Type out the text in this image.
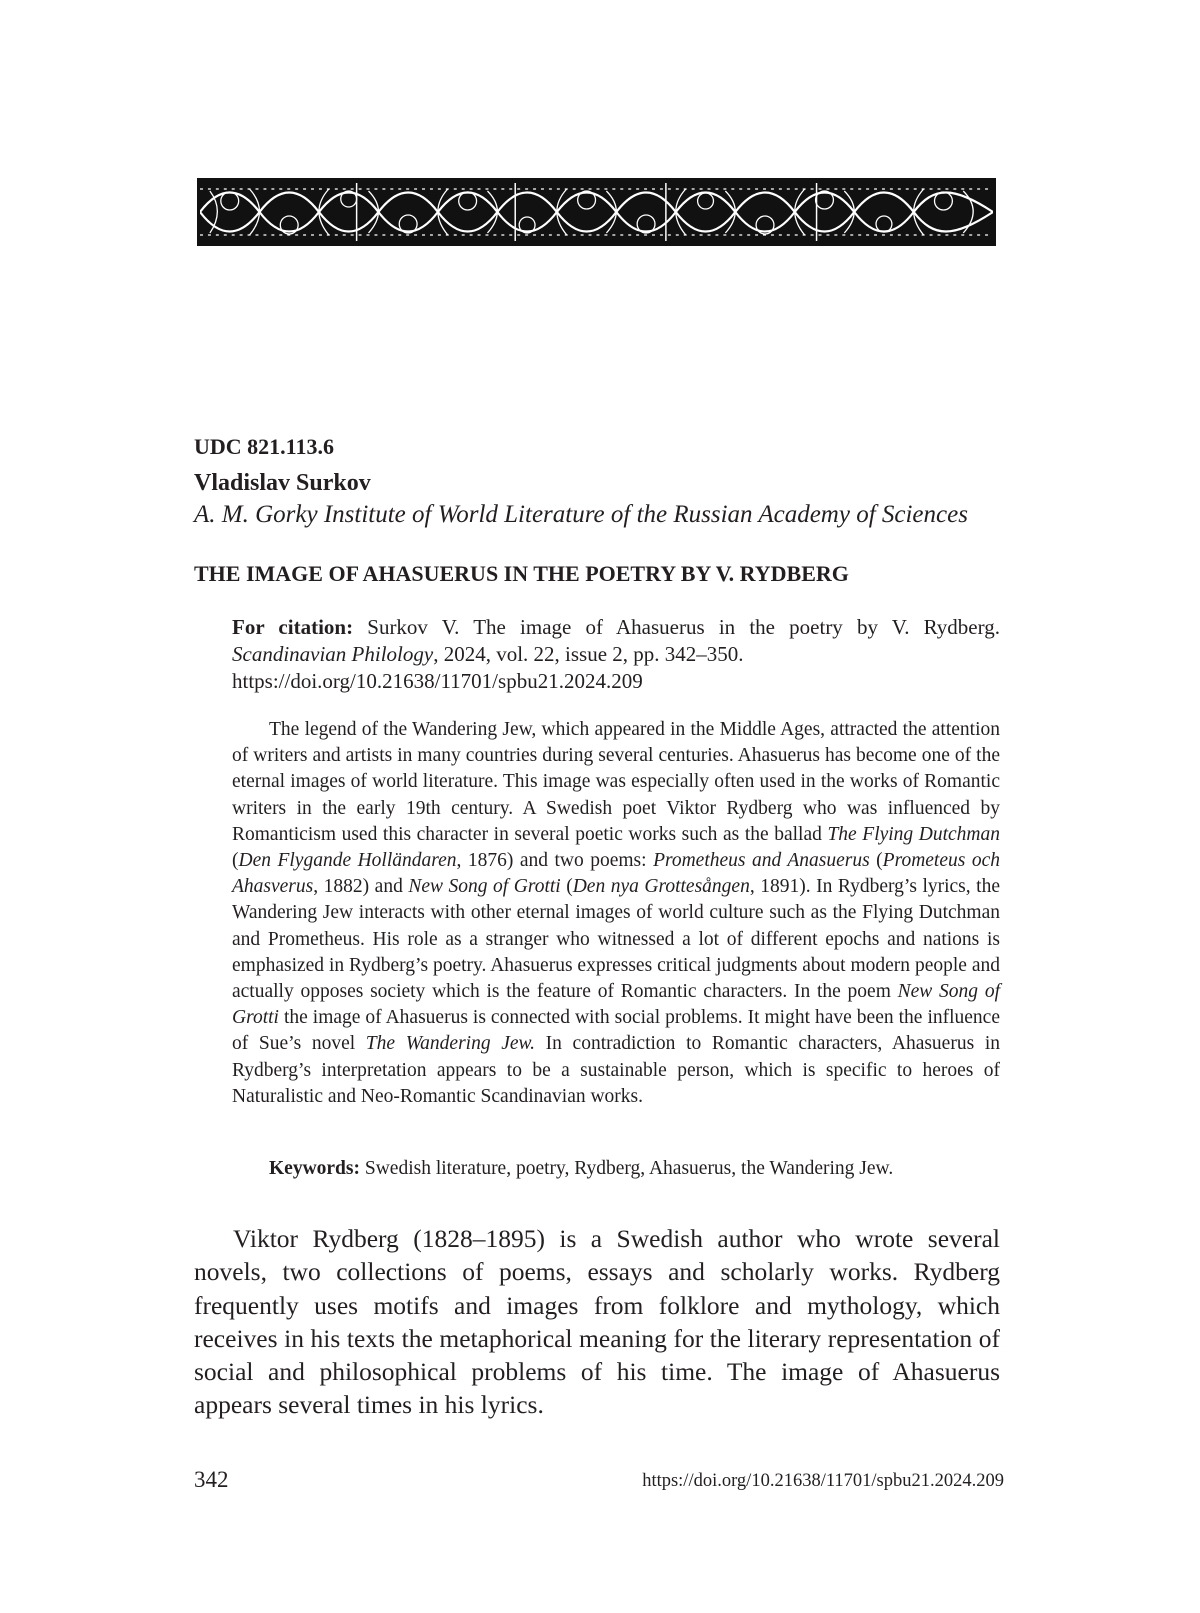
UDC 821.113.6
Vladislav Surkov
A. M. Gorky Institute of World Literature of the Russian Academy of Sciences
THE IMAGE OF AHASUERUS IN THE POETRY BY V. RYDBERG
For citation: Surkov V. The image of Ahasuerus in the poetry by V. Rydberg. Scandinavian Philology, 2024, vol. 22, issue 2, pp. 342–350.
https://doi.org/10.21638/11701/spbu21.2024.209

The legend of the Wandering Jew, which appeared in the Middle Ages, attracted the attention of writers and artists in many countries during several centuries. Ahasuerus has become one of the eternal images of world literature. This image was especially often used in the works of Romantic writers in the early 19th century. A Swedish poet Viktor Rydberg who was influenced by Romanticism used this character in several poetic works such as the ballad The Flying Dutchman (Den Flygande Holländaren, 1876) and two poems: Prometheus and Anasuerus (Prometeus och Ahasverus, 1882) and New Song of Grotti (Den nya Grottesången, 1891). In Rydberg’s lyrics, the Wandering Jew interacts with other eternal images of world culture such as the Flying Dutchman and Prometheus. His role as a stranger who witnessed a lot of different epochs and nations is emphasized in Rydberg’s poetry. Ahasuerus expresses critical judgments about modern people and actually opposes society which is the feature of Romantic characters. In the poem New Song of Grotti the image of Ahasuerus is connected with social problems. It might have been the influence of Sue’s novel The Wandering Jew. In contradiction to Romantic characters, Ahasuerus in Rydberg’s interpretation appears to be a sustainable person, which is specific to heroes of Naturalistic and Neo-Romantic Scandinavian works.

Keywords: Swedish literature, poetry, Rydberg, Ahasuerus, the Wandering Jew.

Viktor Rydberg (1828–1895) is a Swedish author who wrote several novels, two collections of poems, essays and scholarly works. Rydberg frequently uses motifs and images from folklore and mythology, which receives in his texts the metaphorical meaning for the literary representation of social and philosophical problems of his time. The image of Ahasuerus appears several times in his lyrics.

342	https://doi.org/10.21638/11701/spbu21.2024.209
